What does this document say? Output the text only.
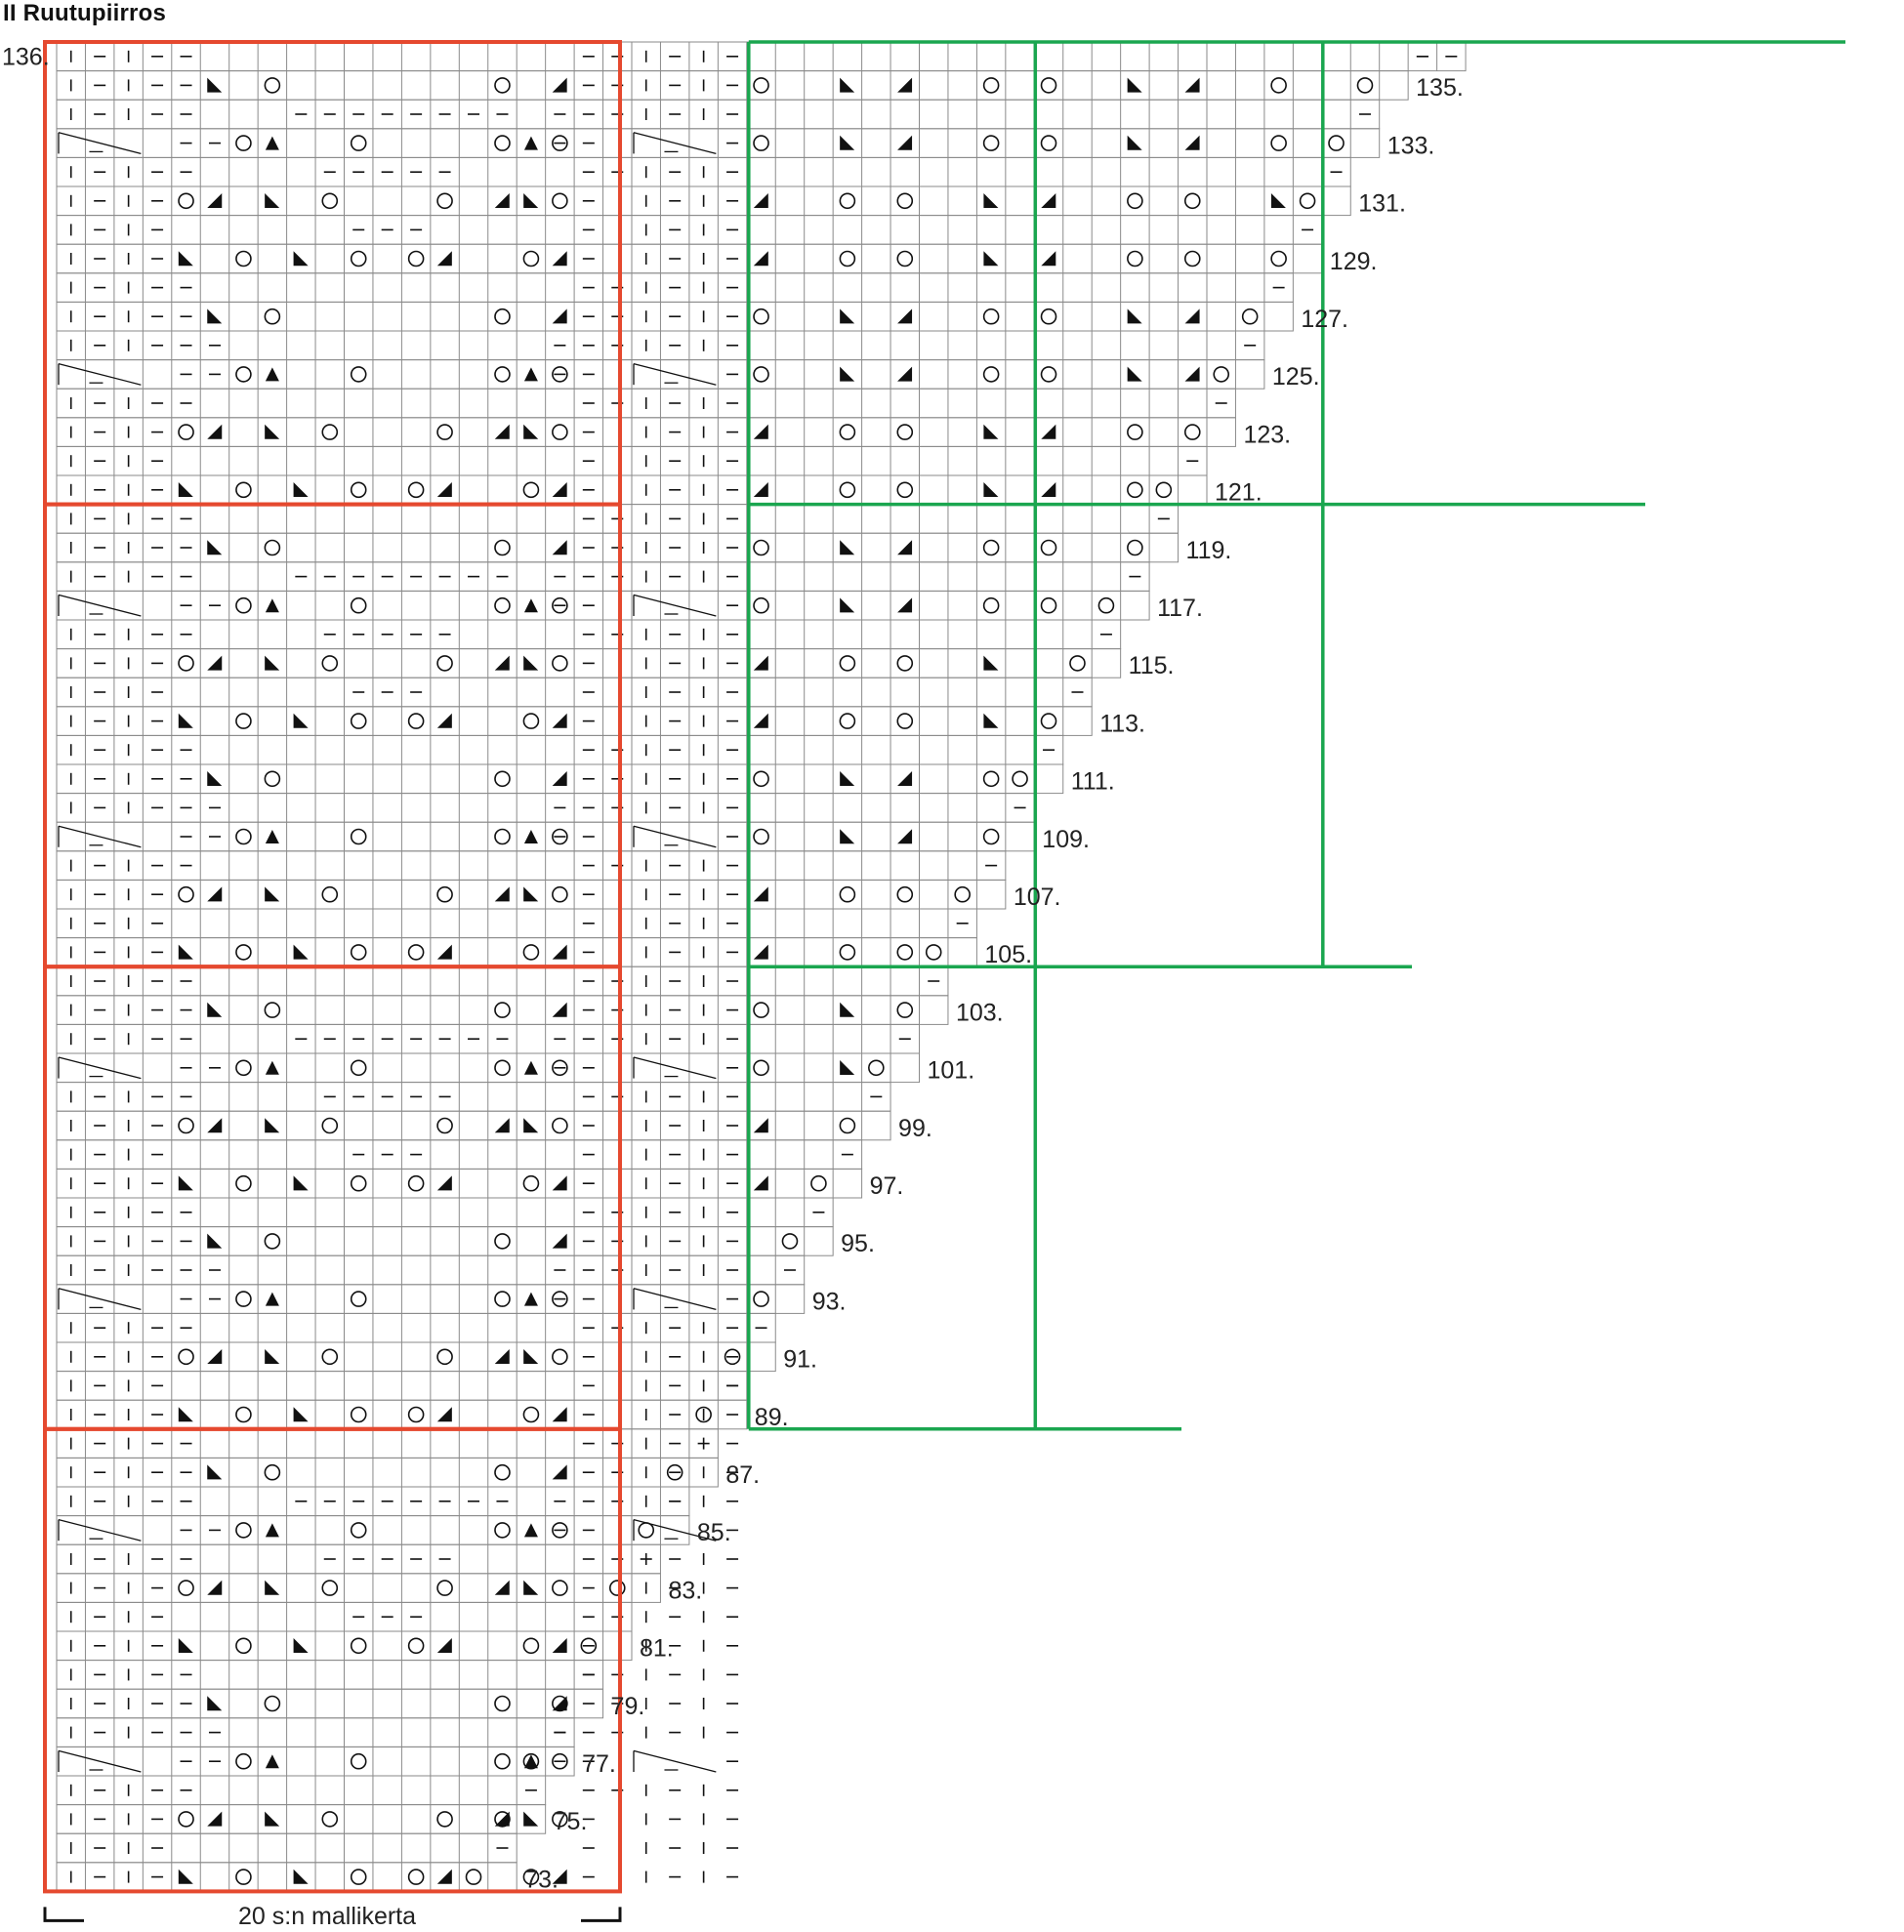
II Ruutupiirros
135.
133.
131.
129.
127.
125.
123.
121.
119.
117.
115.
113.
111.
109.
107.
105.
103.
101.
99.
97.
95.
93.
91.
89.
87.
85.
83.
81.
79.
77.
75.
73.
136.
20 s:n mallikerta
